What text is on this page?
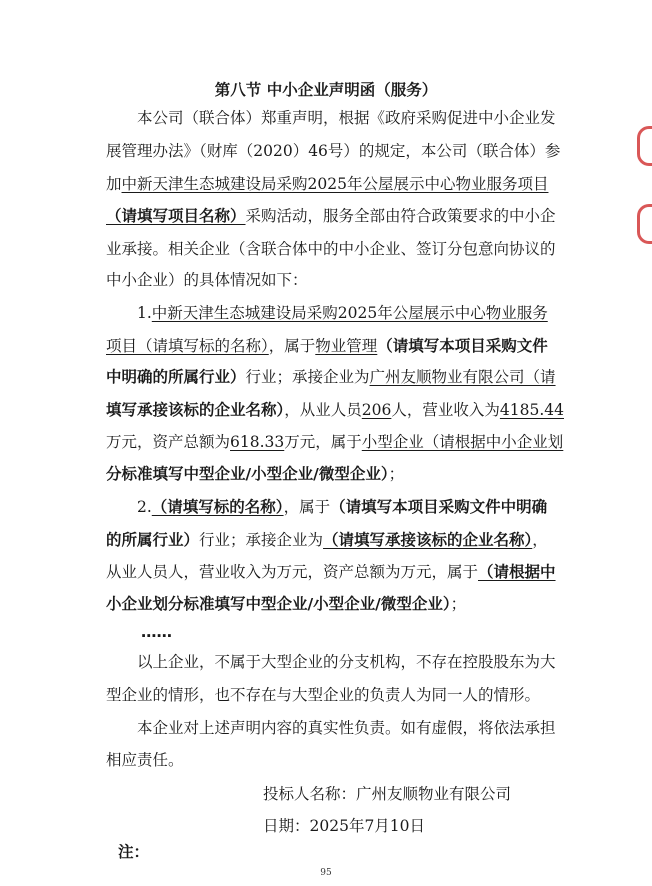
第八节 中小企业声明函（服务）
本公司（联合体）郑重声明，根据《政府采购促进中小企业发
展管理办法》（财库（2020）46号）的规定，本公司（联合体）参
加中新天津生态城建设局采购2025年公屋展示中心物业服务项目
（请填写项目名称）采购活动，服务全部由符合政策要求的中小企
业承接。相关企业（含联合体中的中小企业、签订分包意向协议的
中小企业）的具体情况如下：
1.中新天津生态城建设局采购2025年公屋展示中心物业服务
项目（请填写标的名称），属于物业管理（请填写本项目采购文件
中明确的所属行业）行业；承接企业为广州友顺物业有限公司（请
填写承接该标的企业名称），从业人员206人，营业收入为4185.44
万元，资产总额为618.33万元，属于小型企业（请根据中小企业划
分标准填写中型企业/小型企业/微型企业）；
2.（请填写标的名称），属于（请填写本项目采购文件中明确
的所属行业）行业；承接企业为（请填写承接该标的企业名称），
从业人员人，营业收入为万元，资产总额为万元，属于（请根据中
小企业划分标准填写中型企业/小型企业/微型企业）；
……
以上企业，不属于大型企业的分支机构，不存在控股股东为大
型企业的情形，也不存在与大型企业的负责人为同一人的情形。
本企业对上述声明内容的真实性负责。如有虚假，将依法承担
相应责任。
投标人名称：广州友顺物业有限公司
日期：2025年7月10日
注：
95
